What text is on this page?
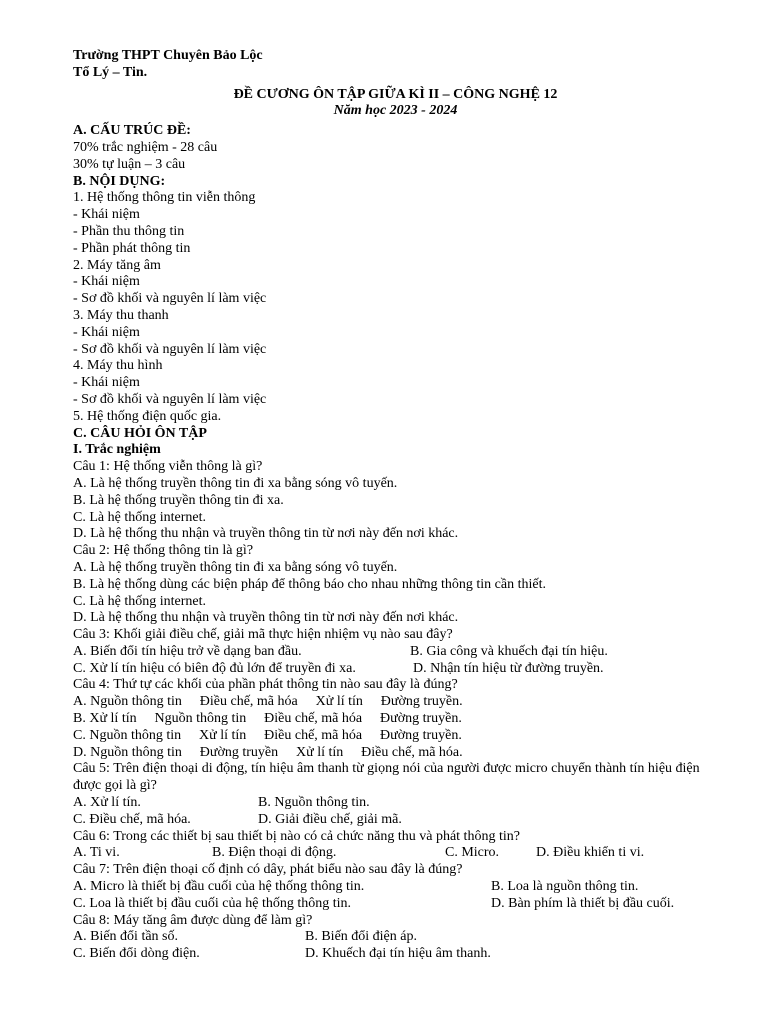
Trường THPT Chuyên Bảo Lộc
Tổ Lý – Tin.
ĐỀ CƯƠNG ÔN TẬP GIỮA KÌ II – CÔNG NGHỆ 12
Năm học 2023 - 2024
A. CẤU TRÚC ĐỀ:
70% trắc nghiệm - 28 câu
30% tự luận – 3 câu
B. NỘI DỤNG:
1. Hệ thống thông tin viễn thông
- Khái niệm
- Phần thu thông tin
- Phần phát thông tin
2. Máy tăng âm
- Khái niệm
- Sơ đồ khối và nguyên lí làm việc
3. Máy thu thanh
- Khái niệm
- Sơ đồ khối và nguyên lí làm việc
4. Máy thu hình
- Khái niệm
- Sơ đồ khối và nguyên lí làm việc
5. Hệ thống điện quốc gia.
C. CÂU HỎI ÔN TẬP
I. Trắc nghiệm
Câu 1: Hệ thống viễn thông là gì?
A. Là hệ thống truyền thông tin đi xa bằng sóng vô tuyến.
B. Là hệ thống truyền thông tin đi xa.
C. Là hệ thống internet.
D. Là hệ thống thu nhận và truyền thông tin từ nơi này đến nơi khác.
Câu 2: Hệ thống thông tin là gì?
A. Là hệ thống truyền thông tin đi xa bằng sóng vô tuyến.
B. Là hệ thống dùng các biện pháp để thông báo cho nhau những thông tin cần thiết.
C. Là hệ thống internet.
D. Là hệ thống thu nhận và truyền thông tin từ nơi này đến nơi khác.
Câu 3: Khối giải điều chế, giải mã thực hiện nhiệm vụ nào sau đây?
A. Biến đổi tín hiệu trở về dạng ban đầu.	B. Gia công và khuếch đại tín hiệu.
C. Xử lí tín hiệu có biên độ đủ lớn để truyền đi xa.	D. Nhận tín hiệu từ đường truyền.
Câu 4: Thứ tự các khối của phần phát thông tin nào sau đây là đúng?
A. Nguồn thông tin Điều chế, mã hóa Xử lí tín Đường truyền.
B. Xử lí tín Nguồn thông tin Điều chế, mã hóa Đường truyền.
C. Nguồn thông tin Xử lí tín Điều chế, mã hóa Đường truyền.
D. Nguồn thông tin Đường truyền Xử lí tín Điều chế, mã hóa.
Câu 5: Trên điện thoại di động, tín hiệu âm thanh từ giọng nói của người được micro chuyển thành tín hiệu điện được gọi là gì?
A. Xử lí tín.	B. Nguồn thông tin.
C. Điều chế, mã hóa.	D. Giải điều chế, giải mã.
Câu 6: Trong các thiết bị sau thiết bị nào có cả chức năng thu và phát thông tin?
A. Ti vi.	B. Điện thoại di động.	C. Micro.	D. Điều khiển ti vi.
Câu 7: Trên điện thoại cố định có dây, phát biểu nào sau đây là đúng?
A. Micro là thiết bị đầu cuối của hệ thống thông tin.	B. Loa là nguồn thông tin.
C. Loa là thiết bị đầu cuối của hệ thống thông tin.	D. Bàn phím là thiết bị đầu cuối.
Câu 8: Máy tăng âm được dùng để làm gì?
A. Biến đổi tần số.	B. Biến đổi điện áp.
C. Biến đổi dòng điện.	D. Khuếch đại tín hiệu âm thanh.
